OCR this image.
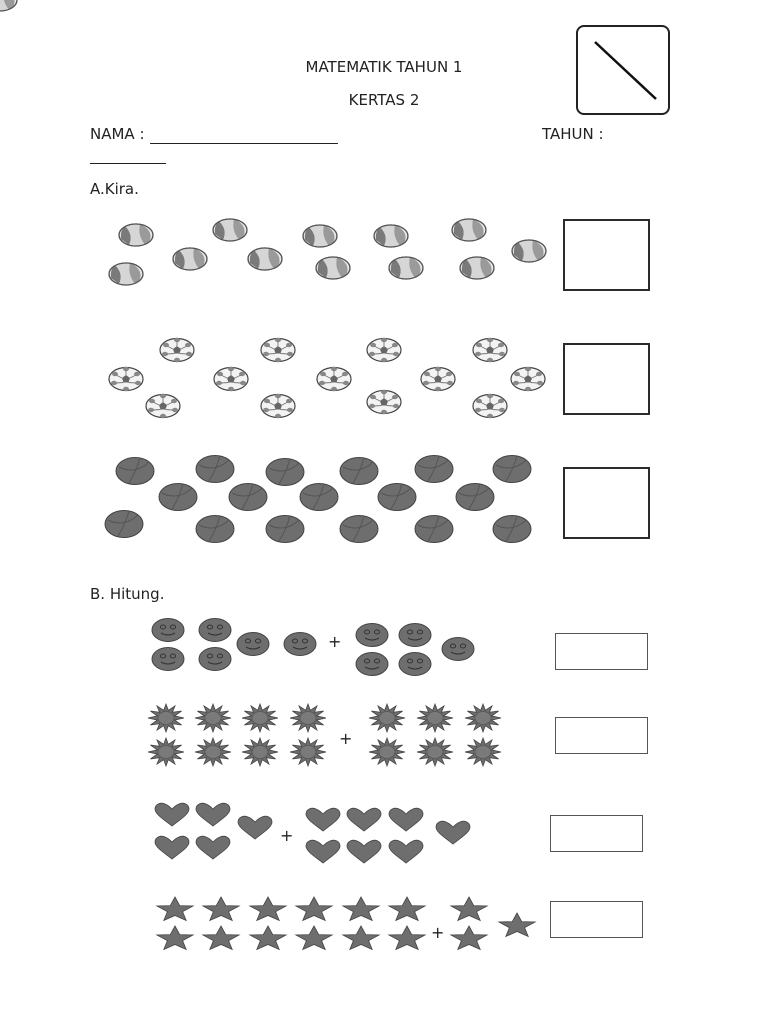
MATEMATIK TAHUN 1
KERTAS 2
NAMA :	TAHUN :
A.Kira.
B. Hitung.
+
+
+
+
